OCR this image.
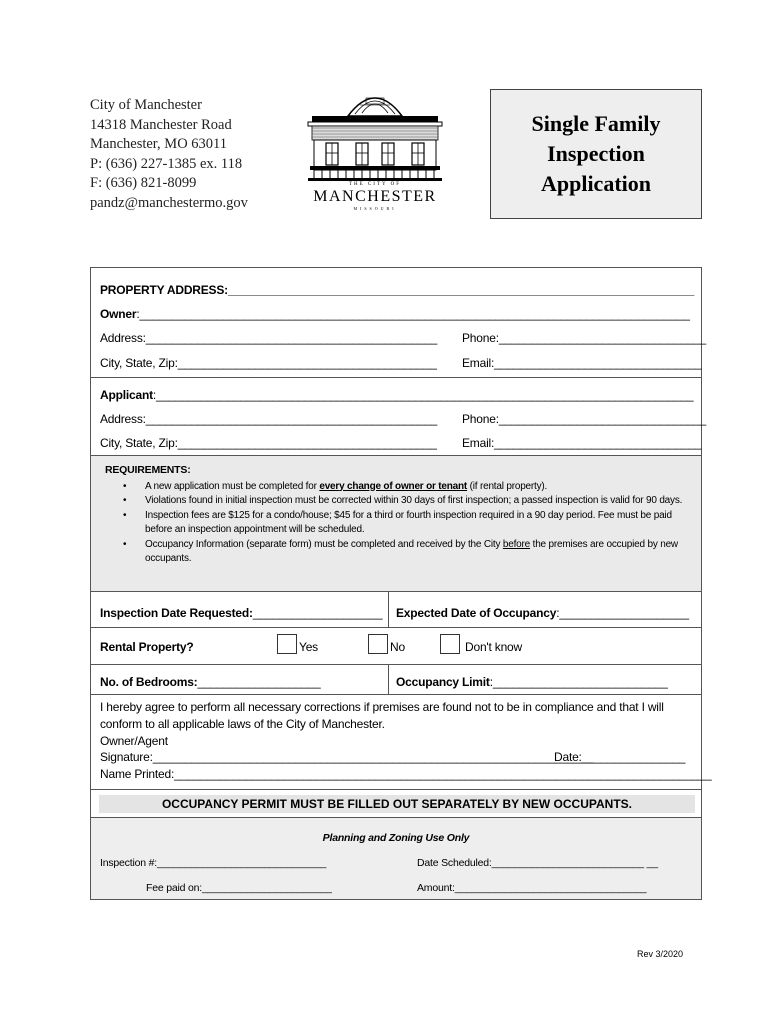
City of Manchester
14318 Manchester Road
Manchester, MO 63011
P: (636) 227-1385 ex. 118
F: (636) 821-8099
pandz@manchestermo.gov
THE CITY OF
MANCHESTER
MISSOURI
Single Family
Inspection
Application
PROPERTY ADDRESS:________________________________________________________________________
Owner:_____________________________________________________________________________________
Address:_____________________________________________ Phone:________________________________
City, State, Zip:________________________________________ Email:________________________________
Applicant:___________________________________________________________________________________
Address:_____________________________________________ Phone:________________________________
City, State, Zip:________________________________________ Email:________________________________
REQUIREMENTS:
• A new application must be completed for every change of owner or tenant (if rental property).
• Violations found in initial inspection must be corrected within 30 days of first inspection; a passed inspection is valid for 90 days.
• Inspection fees are $125 for a condo/house; $45 for a third or fourth inspection required in a 90 day period. Fee must be paid before an inspection appointment will be scheduled.
• Occupancy Information (separate form) must be completed and received by the City before the premises are occupied by new occupants.
Inspection Date Requested:____________________ Expected Date of Occupancy:____________________
Rental Property?	Yes	No	Don't know
No. of Bedrooms:___________________	Occupancy Limit:___________________________
I hereby agree to perform all necessary corrections if premises are found not to be in compliance and that I will
conform to all applicable laws of the City of Manchester.
Owner/Agent
Signature:____________________________________________________________________
Date:________________
Name Printed:___________________________________________________________________________________
OCCUPANCY PERMIT MUST BE FILLED OUT SEPARATELY BY NEW OCCUPANTS.
Planning and Zoning Use Only
Inspection #:______________________________	Date Scheduled:___________________________ __
Fee paid on:_______________________	Amount:__________________________________
Rev 3/2020
